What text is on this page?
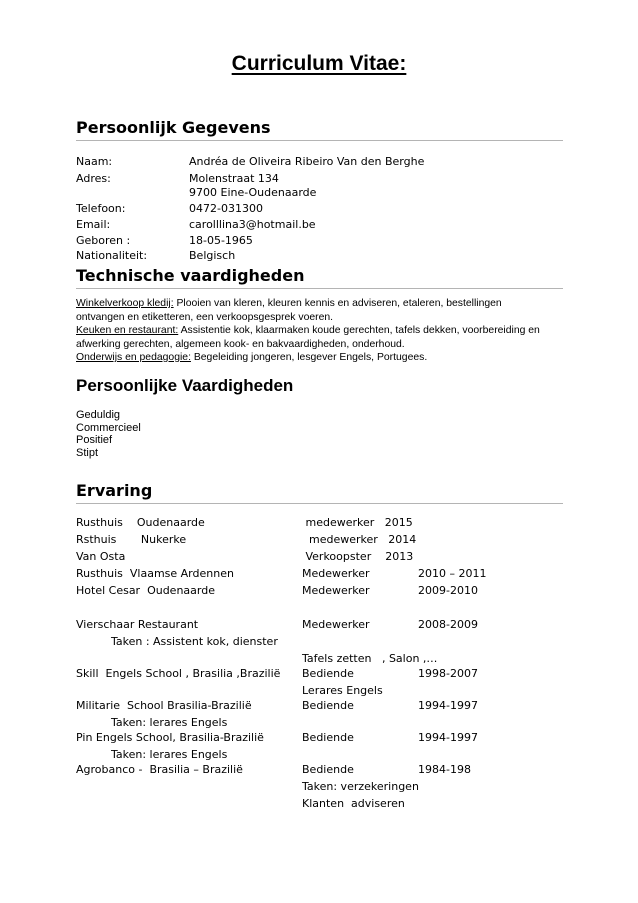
Curriculum Vitae:
Persoonlijk Gegevens
Naam:	Andréa de Oliveira Ribeiro Van den Berghe
Adres:	Molenstraat 134
9700 Eine-Oudenaarde
Telefoon:	0472-031300
Email:	carolllina3@hotmail.be
Geboren :	18-05-1965
Nationaliteit:	Belgisch
Technische vaardigheden
Winkelverkoop kledij: Plooien van kleren, kleuren kennis en adviseren, etaleren, bestellingen
ontvangen en etiketteren, een verkoopsgesprek voeren.
Keuken en restaurant: Assistentie kok, klaarmaken koude gerechten, tafels dekken, voorbereiding en
afwerking gerechten, algemeen kook- en bakvaardigheden, onderhoud.
Onderwijs en pedagogie: Begeleiding jongeren, lesgever Engels, Portugees.
Persoonlijke Vaardigheden
Geduldig
Commercieel
Positief
Stipt
Ervaring
Rusthuis    Oudenaarde	medewerker   2015
Rsthuis       Nukerke	medewerker   2014
Van Osta	Verkoopster    2013
Rusthuis  Vlaamse Ardennen	Medewerker	2010 – 2011
Hotel Cesar  Oudenaarde	Medewerker	2009-2010
Vierschaar Restaurant	Medewerker	2008-2009
Taken : Assistent kok, dienster
Tafels zetten   , Salon ,…
Skill  Engels School , Brasilia ,Brazilië Bediende	1998-2007
Lerares Engels
Militarie  School Brasilia-Brazilië	Bediende	1994-1997
Taken: lerares Engels
Pin Engels School, Brasilia-Brazilië	Bediende	1994-1997
Taken: lerares Engels
Agrobanco -  Brasilia – Brazilië	Bediende	1984-198
Taken: verzekeringen
Klanten  adviseren
